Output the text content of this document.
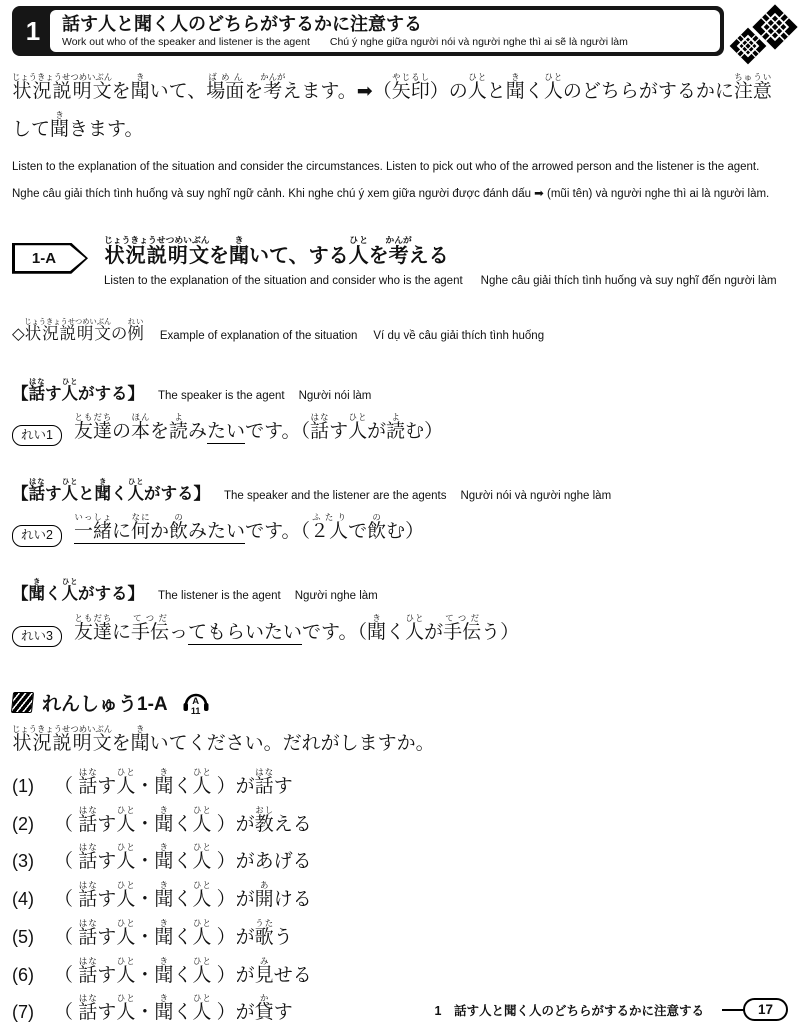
1	話す人と聞く人のどちらがするかに注意する
Work out who of the speaker and listener is the agent Chú ý nghe giữa người nói và người nghe thì ai sẽ là người làm
状況説明文じょうきょうせつめいぶんを聞きいて、場面ばめんを考かんがえます。➡（矢印やじるし）の人ひとと聞きく人ひとのどちらがするかに注意ちゅういして聞ききます。
Listen to the explanation of the situation and consider the circumstances. Listen to pick out who of the arrowed person and the listener is the agent.
Nghe câu giải thích tình huống và suy nghĩ ngữ cảnh. Khi nghe chú ý xem giữa người được đánh dấu ➡ (mũi tên) và người nghe thì ai là người làm.
1-A	状況説明文じょうきょうせつめいぶんを聞きいて、する人ひとを考かんがえる
Listen to the explanation of the situation and consider who is the agent Nghe câu giải thích tình huống và suy nghĩ đến người làm
◇状況説明文じょうきょうせつめいぶんの例れい
Example of explanation of the situation Ví dụ về câu giải thích tình huống
【話はなす人ひとがする】 The speaker is the agent Người nói làm
れい1	友達ともだちの本ほんを読よみたいです。（話はなす人ひとが読よむ）
【話はなす人ひとと聞きく人ひとがする】 The speaker and the listener are the agents Người nói và người nghe làm
れい2	一緒いっしょに何なにか飲のみたいです。（２人ふたりで飲のむ）
【聞きく人ひとがする】 The listener is the agent Người nghe làm
れい3	友達ともだちに手伝てつだってもらいたいです。（聞きく人ひとが手伝てつだう）
れんしゅう1-A	A
11
状況説明文じょうきょうせつめいぶんを聞きいてください。だれがしますか。
(1) （ 話はなす人ひと・聞きく人ひと ）が話はなす
(2) （ 話はなす人ひと・聞きく人ひと ）が教おしえる
(3) （ 話はなす人ひと・聞きく人ひと ）があげる
(4) （ 話はなす人ひと・聞きく人ひと ）が開あける
(5) （ 話はなす人ひと・聞きく人ひと ）が歌うたう
(6) （ 話はなす人ひと・聞きく人ひと ）が見みせる
(7) （ 話はなす人ひと・聞きく人ひと ）が貸かす	1　話す人と聞く人のどちらがするかに注意する	17
